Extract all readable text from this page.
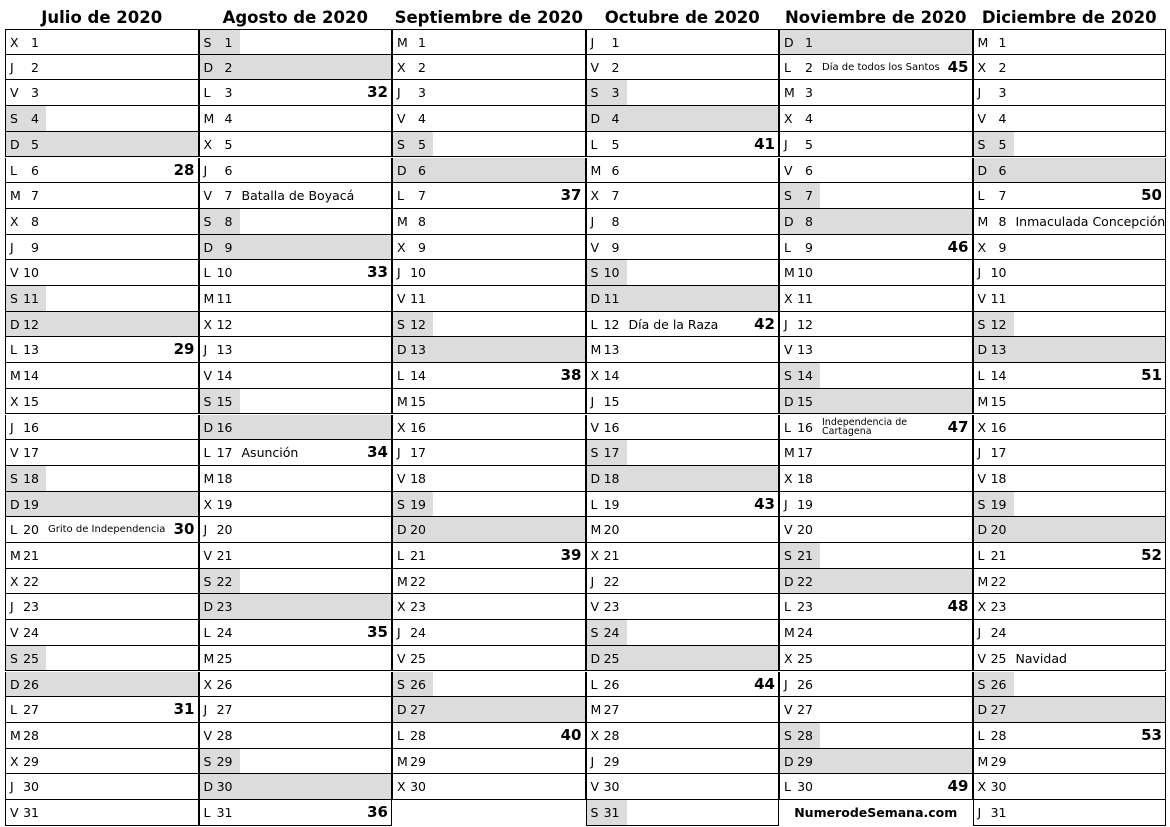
Julio de 2020
X 1
J	2
V 3
S	4
D 5
L	6	28
M 7
X 8
J	9
V 10
S 11
D 12
L 13	29
M 14
X 15
J 16
V 17
S 18
D 19
L 20 Grito de Independencia 30
M 21
X 22
J 23
V 24
S 25
D 26
L 27	31
M 28
X 29
J 30
V 31
Agosto de 2020
S	1
D 2
L	3	32
M 4
X 5
J	6
V 7 Batalla de Boyacá
S	8
D 9
L 10	33
M 11
X 12
J 13
V 14
S 15
D 16
L 17 Asunción	34
M 18
X 19
J 20
V 21
S 22
D 23
L 24	35
M 25
X 26
J 27
V 28
S 29
D 30
L 31	36
Septiembre de 2020
M 1
X 2
J	3
V 4
S	5
D 6
L	7	37
M 8
X 9
J 10
V 11
S 12
D 13
L 14	38
M 15
X 16
J 17
V 18
S 19
D 20
L 21	39
M 22
X 23
J 24
V 25
S 26
D 27
L 28	40
M 29
X 30
Octubre de 2020
J	1
V 2
S	3
D 4
L	5	41
M 6
X 7
J	8
V 9
S 10
D 11
L 12 Día de la Raza 42
M 13
X 14
J 15
V 16
S 17
D 18
L 19	43
M 20
X 21
J 22
V 23
S 24
D 25
L 26	44
M 27
X 28
J 29
V 30
S 31
Noviembre de 2020
D 1
L	2 Día de todos los Santos 45
M 3
X 4
J	5
V 6
S	7
D 8
L	9	46
M 10
X 11
J 12
V 13
S 14
D 15
L 16 Independencia de Cartagena	47
M 17
X 18
J 19
V 20
S 21
D 22
L 23	48
M 24
X 25
J 26
V 27
S 28
D 29
L 30	49
NumerodeSemana.com
Diciembre de 2020
M 1
X 2
J	3
V 4
S	5
D 6
L	7	50
M 8 Inmaculada Concepción
X 9
J 10
V 11
S 12
D 13
L 14	51
M 15
X 16
J 17
V 18
S 19
D 20
L 21	52
M 22
X 23
J 24
V 25 Navidad
S 26
D 27
L 28	53
M 29
X 30
J 31
